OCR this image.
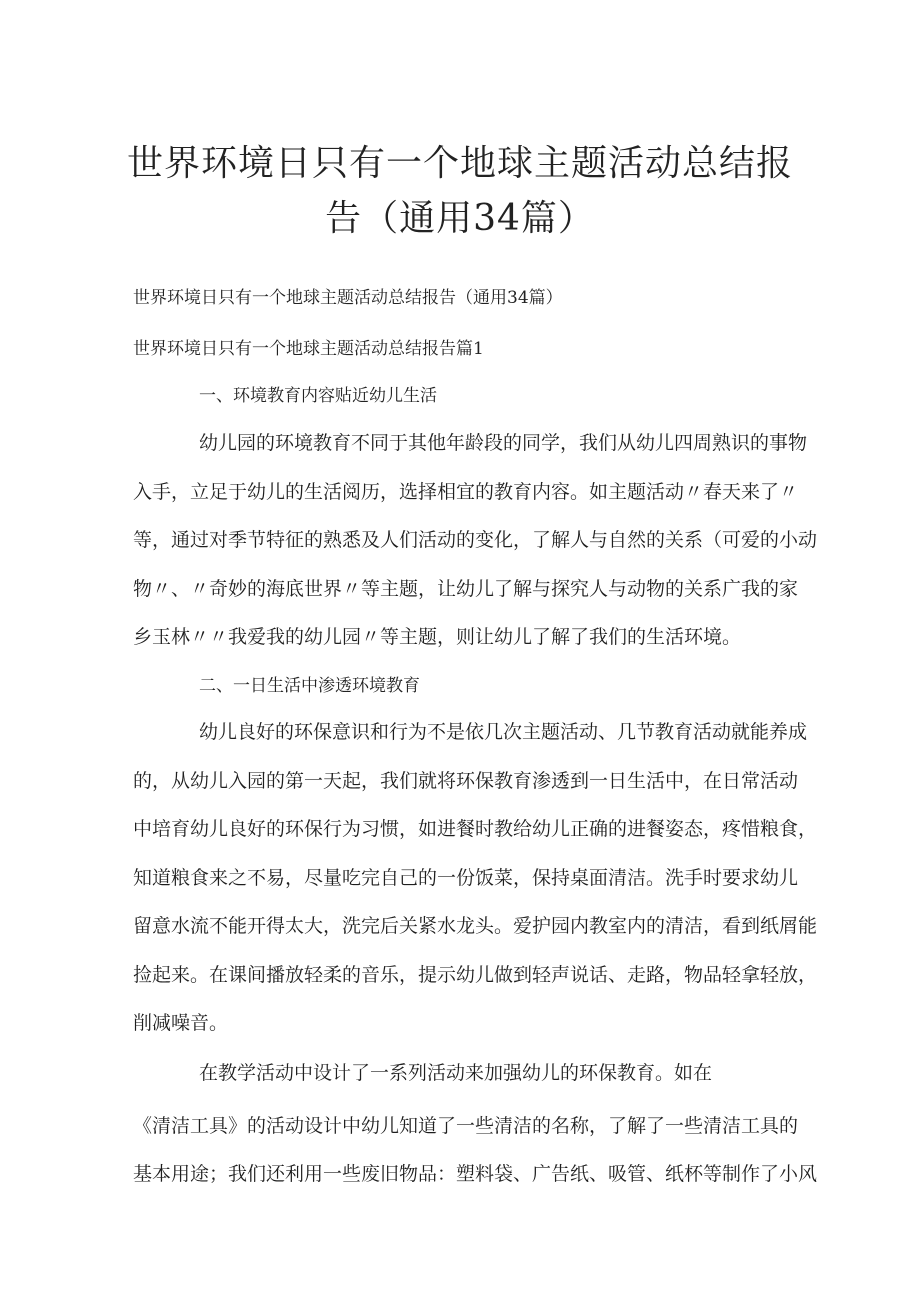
世界环境日只有一个地球主题活动总结报
告（通用34篇）
世界环境日只有一个地球主题活动总结报告（通用34篇）
世界环境日只有一个地球主题活动总结报告篇1
一、环境教育内容贴近幼儿生活
幼儿园的环境教育不同于其他年龄段的同学，我们从幼儿四周熟识的事物
入手，立足于幼儿的生活阅历，选择相宜的教育内容。如主题活动〃春天来了〃
等，通过对季节特征的熟悉及人们活动的变化，了解人与自然的关系（可爱的小动
物〃、〃奇妙的海底世界〃等主题，让幼儿了解与探究人与动物的关系广我的家
乡玉林〃〃我爱我的幼儿园〃等主题，则让幼儿了解了我们的生活环境。
二、一日生活中渗透环境教育
幼儿良好的环保意识和行为不是依几次主题活动、几节教育活动就能养成
的，从幼儿入园的第一天起，我们就将环保教育渗透到一日生活中，在日常活动
中培育幼儿良好的环保行为习惯，如进餐时教给幼儿正确的进餐姿态，疼惜粮食，
知道粮食来之不易，尽量吃完自己的一份饭菜，保持桌面清洁。洗手时要求幼儿
留意水流不能开得太大，洗完后关紧水龙头。爱护园内教室内的清洁，看到纸屑能
捡起来。在课间播放轻柔的音乐，提示幼儿做到轻声说话、走路，物品轻拿轻放，
削减噪音。
在教学活动中设计了一系列活动来加强幼儿的环保教育。如在
《清洁工具》的活动设计中幼儿知道了一些清洁的名称，了解了一些清洁工具的
基本用途；我们还利用一些废旧物品：塑料袋、广告纸、吸管、纸杯等制作了小风
